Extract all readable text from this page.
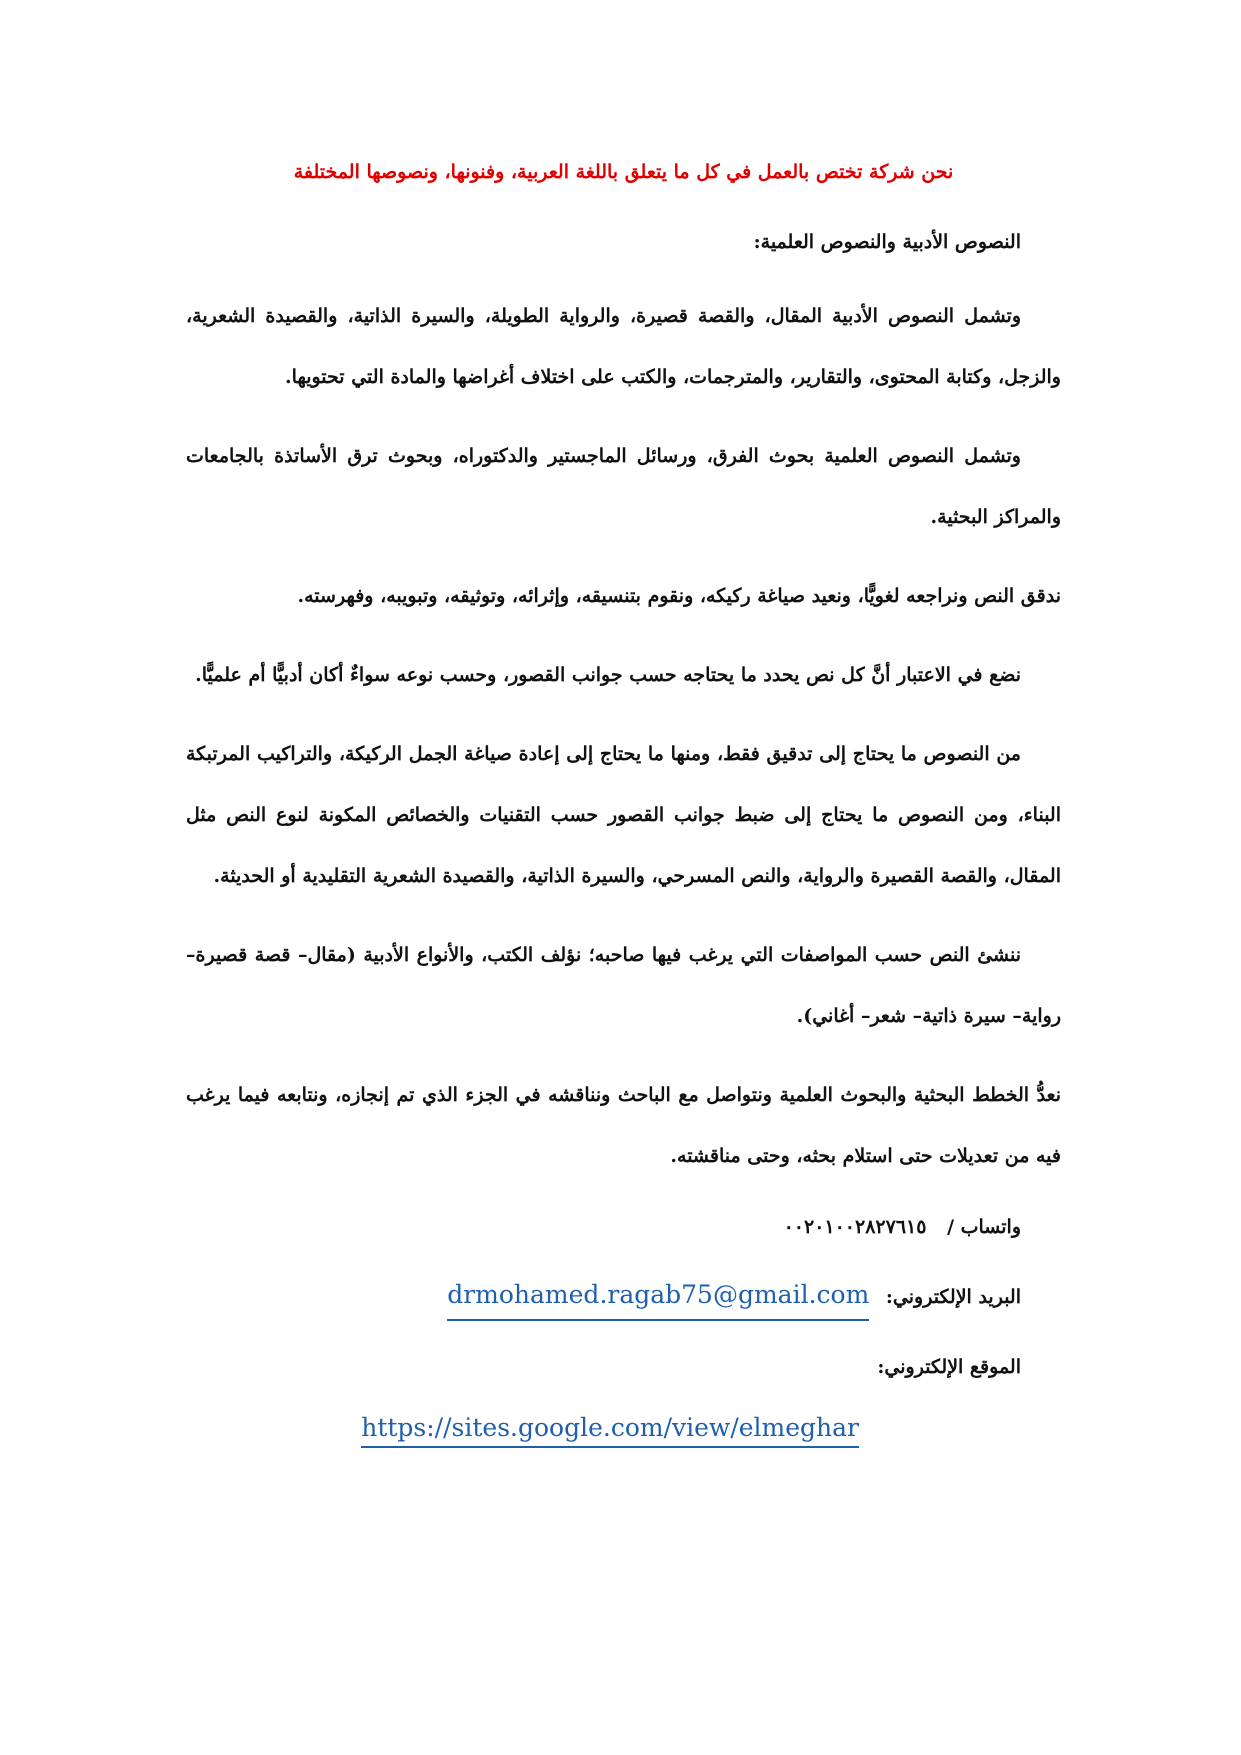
نحن شركة تختص بالعمل في كل ما يتعلق باللغة العربية، وفنونها، ونصوصها المختلفة
النصوص الأدبية والنصوص العلمية:

وتشمل النصوص الأدبية المقال، والقصة قصيرة، والرواية الطويلة، والسيرة الذاتية، والقصيدة الشعرية، والزجل، وكتابة المحتوى، والتقارير، والمترجمات، والكتب على اختلاف أغراضها والمادة التي تحتويها.

وتشمل النصوص العلمية بحوث الفرق، ورسائل الماجستير والدكتوراه، وبحوث ترق الأساتذة بالجامعات والمراكز البحثية.

ندقق النص ونراجعه لغويًّا، ونعيد صياغة ركيكه، ونقوم بتنسيقه، وإثرائه، وتوثيقه، وتبويبه، وفهرسته.

نضع في الاعتبار أنَّ كل نص يحدد ما يحتاجه حسب جوانب القصور، وحسب نوعه سواءٌ أكان أدبيًّا أم علميًّا.

من النصوص ما يحتاج إلى تدقيق فقط، ومنها ما يحتاج إلى إعادة صياغة الجمل الركيكة، والتراكيب المرتبكة البناء، ومن النصوص ما يحتاج إلى ضبط جوانب القصور حسب التقنيات والخصائص المكونة لنوع النص مثل المقال، والقصة القصيرة والرواية، والنص المسرحي، والسيرة الذاتية، والقصيدة الشعرية التقليدية أو الحديثة.

ننشئ النص حسب المواصفات التي يرغب فيها صاحبه؛ نؤلف الكتب، والأنواع الأدبية (مقال– قصة قصيرة– رواية– سيرة ذاتية– شعر– أغاني).

نعدُّ الخطط البحثية والبحوث العلمية ونتواصل مع الباحث ونناقشه في الجزء الذي تم إنجازه، ونتابعه فيما يرغب فيه من تعديلات حتى استلام بحثه، وحتى مناقشته.

واتساب / ٠٠٢٠١٠٠٢٨٢٧٦١٥
البريد الإلكتروني: drmohamed.ragab75@gmail.com
الموقع الإلكتروني:
https://sites.google.com/view/elmeghar
